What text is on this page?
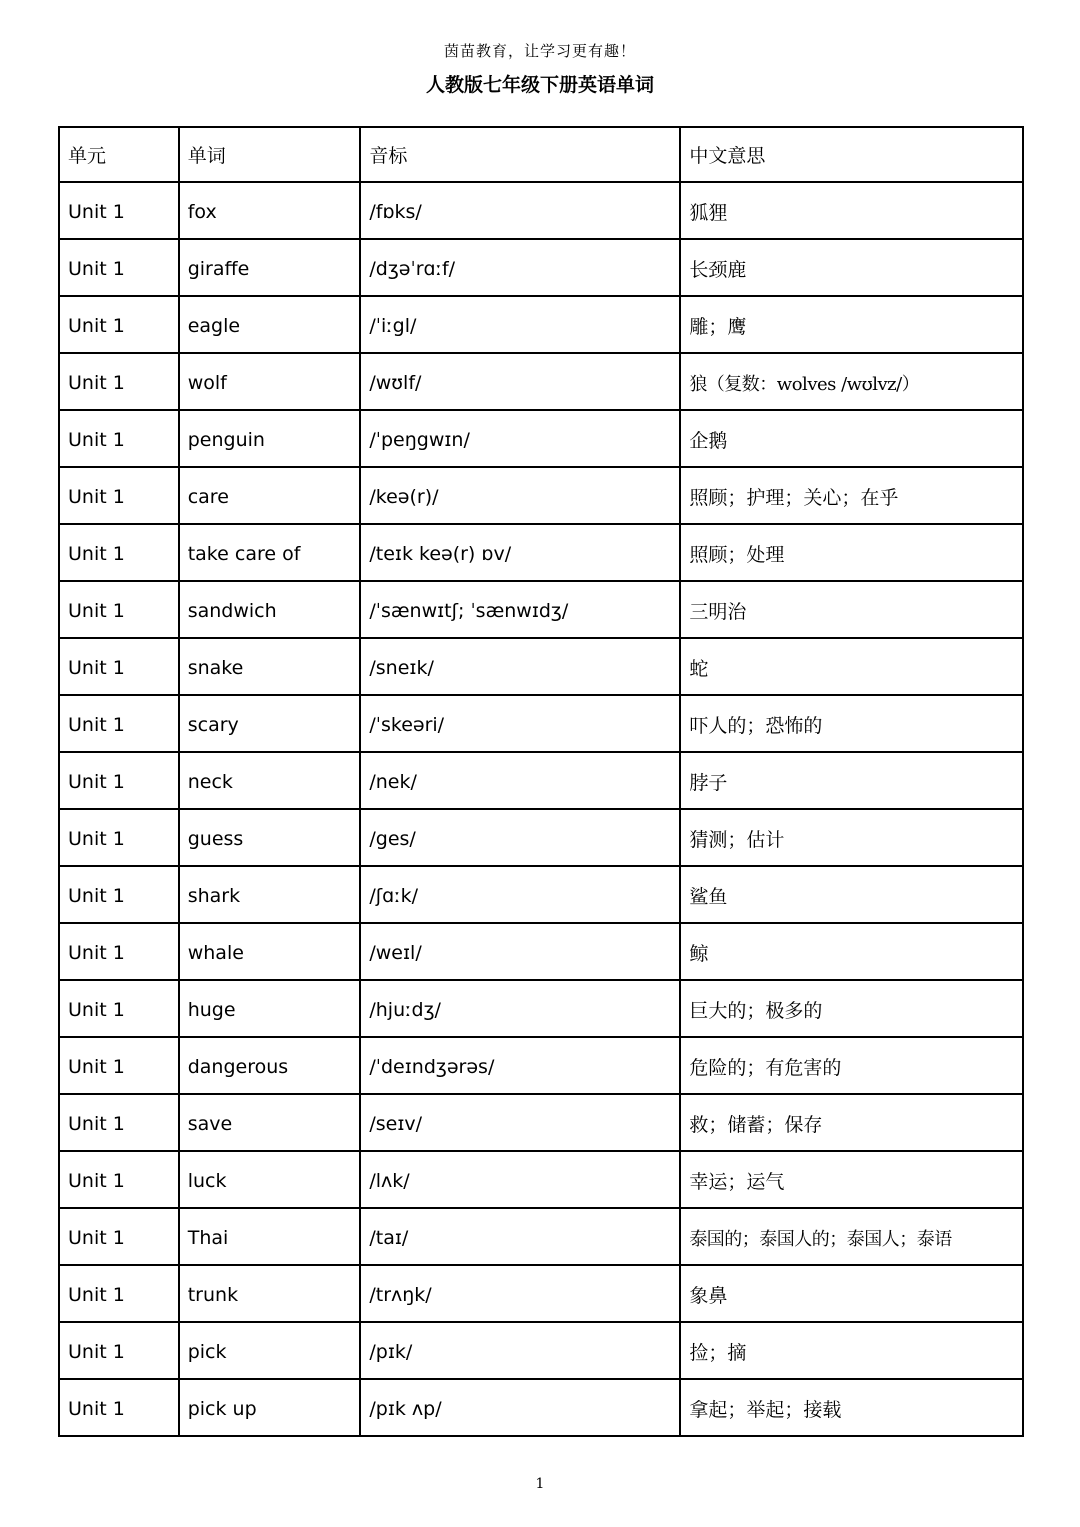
茵苗教育，让学习更有趣！
人教版七年级下册英语单词
单元	单词	音标	中文意思
Unit 1	fox	/fɒks/	狐狸
Unit 1	giraffe	/dʒəˈrɑːf/	长颈鹿
Unit 1	eagle	/ˈiːgl/	雕；鹰
Unit 1	wolf	/wʊlf/	狼（复数：wolves /wʊlvz/）
Unit 1	penguin	/ˈpeŋgwɪn/	企鹅
Unit 1	care	/keə(r)/	照顾；护理；关心；在乎
Unit 1	take care of	/teɪk keə(r) ɒv/	照顾；处理
Unit 1	sandwich	/ˈsænwɪtʃ; ˈsænwɪdʒ/	三明治
Unit 1	snake	/sneɪk/	蛇
Unit 1	scary	/ˈskeəri/	吓人的；恐怖的
Unit 1	neck	/nek/	脖子
Unit 1	guess	/ges/	猜测；估计
Unit 1	shark	/ʃɑːk/	鲨鱼
Unit 1	whale	/weɪl/	鲸
Unit 1	huge	/hjuːdʒ/	巨大的；极多的
Unit 1	dangerous	/ˈdeɪndʒərəs/	危险的；有危害的
Unit 1	save	/seɪv/	救；储蓄；保存
Unit 1	luck	/lʌk/	幸运；运气
Unit 1	Thai	/taɪ/	泰国的；泰国人的；泰国人；泰语
Unit 1	trunk	/trʌŋk/	象鼻
Unit 1	pick	/pɪk/	捡；摘
Unit 1	pick up	/pɪk ʌp/	拿起；举起；接载
1
